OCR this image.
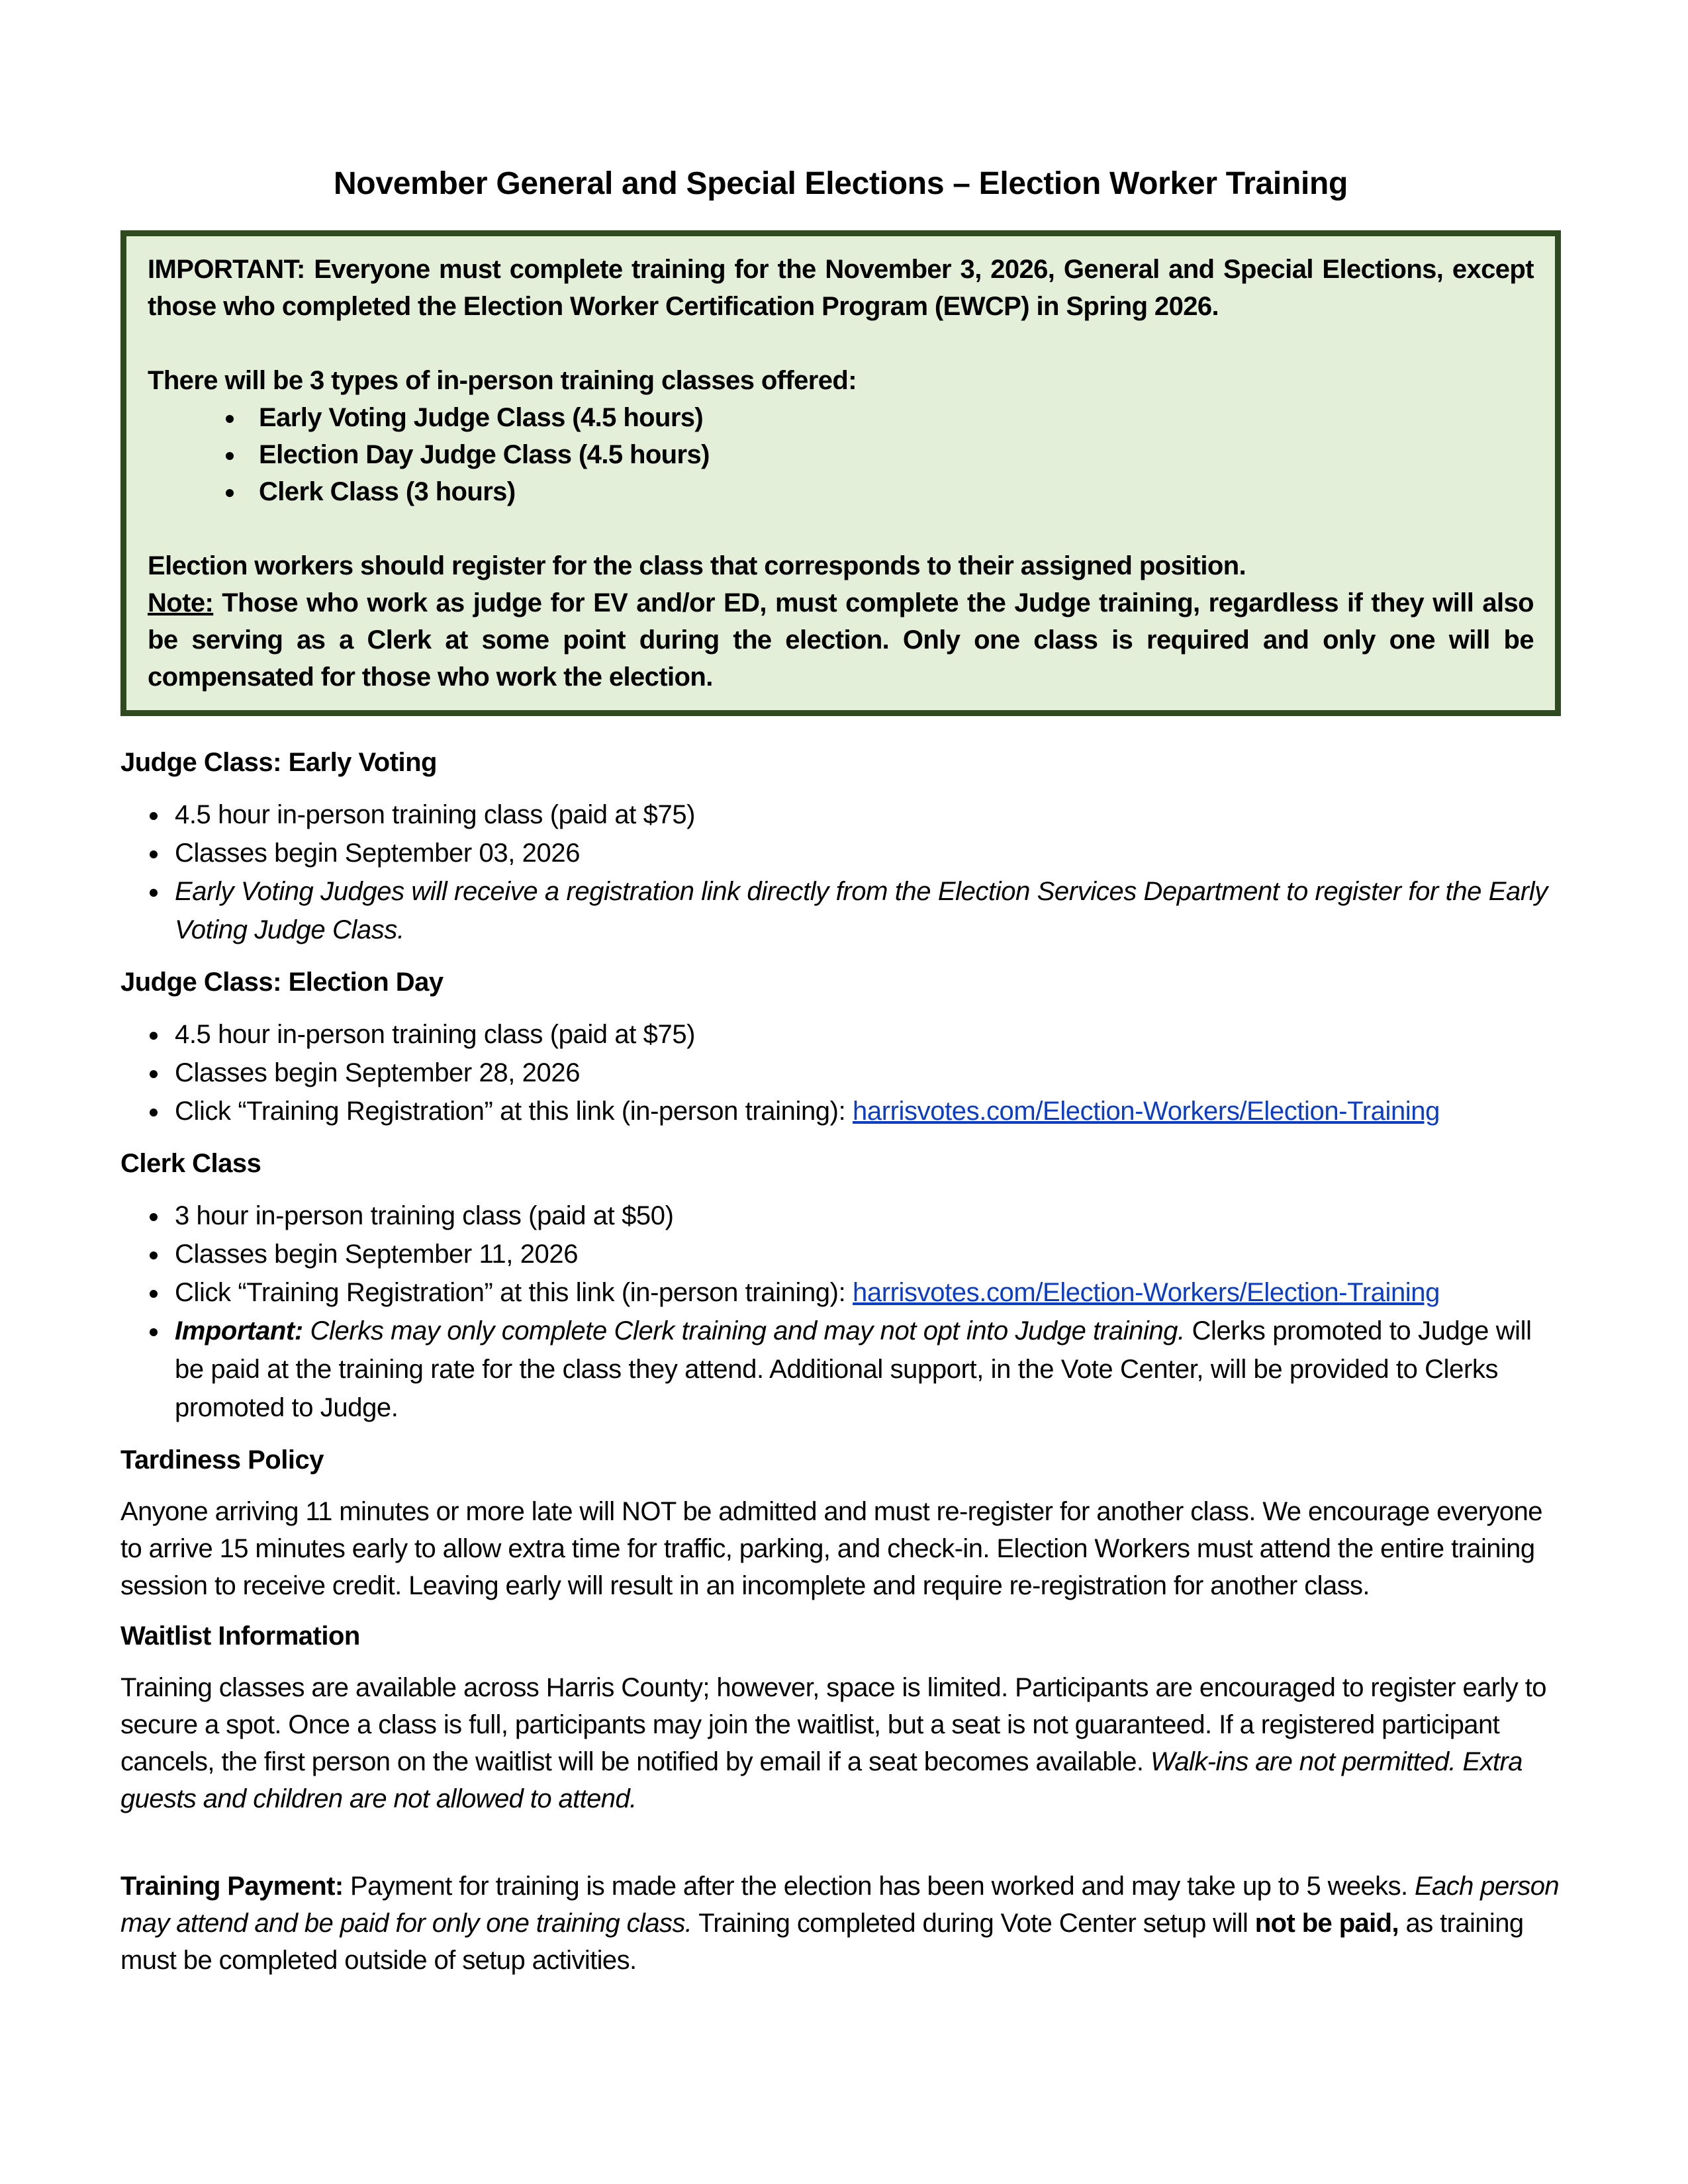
November General and Special Elections – Election Worker Training

IMPORTANT: Everyone must complete training for the November 3, 2026, General and Special Elections, except those who completed the Election Worker Certification Program (EWCP) in Spring 2026.

There will be 3 types of in-person training classes offered:

• Early Voting Judge Class (4.5 hours)
• Election Day Judge Class (4.5 hours)
• Clerk Class (3 hours)

Election workers should register for the class that corresponds to their assigned position.

Note: Those who work as judge for EV and/or ED, must complete the Judge training, regardless if they will also be serving as a Clerk at some point during the election. Only one class is required and only one will be compensated for those who work the election.

Judge Class: Early Voting
• 4.5 hour in-person training class (paid at $75)
• Classes begin September 03, 2026
• Early Voting Judges will receive a registration link directly from the Election Services Department to register for the Early Voting Judge Class.
Judge Class: Election Day
• 4.5 hour in-person training class (paid at $75)
• Classes begin September 28, 2026
• Click “Training Registration” at this link (in-person training): harrisvotes.com/Election-Workers/Election-Training
Clerk Class
• 3 hour in-person training class (paid at $50)
• Classes begin September 11, 2026
• Click “Training Registration” at this link (in-person training): harrisvotes.com/Election-Workers/Election-Training
• Important: Clerks may only complete Clerk training and may not opt into Judge training. Clerks promoted to Judge will be paid at the training rate for the class they attend. Additional support, in the Vote Center, will be provided to Clerks promoted to Judge.
Tardiness Policy

Anyone arriving 11 minutes or more late will NOT be admitted and must re-register for another class. We encourage everyone to arrive 15 minutes early to allow extra time for traffic, parking, and check-in. Election Workers must attend the entire training session to receive credit. Leaving early will result in an incomplete and require re-registration for another class.

Waitlist Information

Training classes are available across Harris County; however, space is limited. Participants are encouraged to register early to secure a spot. Once a class is full, participants may join the waitlist, but a seat is not guaranteed. If a registered participant cancels, the first person on the waitlist will be notified by email if a seat becomes available. Walk-ins are not permitted. Extra guests and children are not allowed to attend.

Training Payment: Payment for training is made after the election has been worked and may take up to 5 weeks. Each person may attend and be paid for only one training class. Training completed during Vote Center setup will not be paid, as training must be completed outside of setup activities.
